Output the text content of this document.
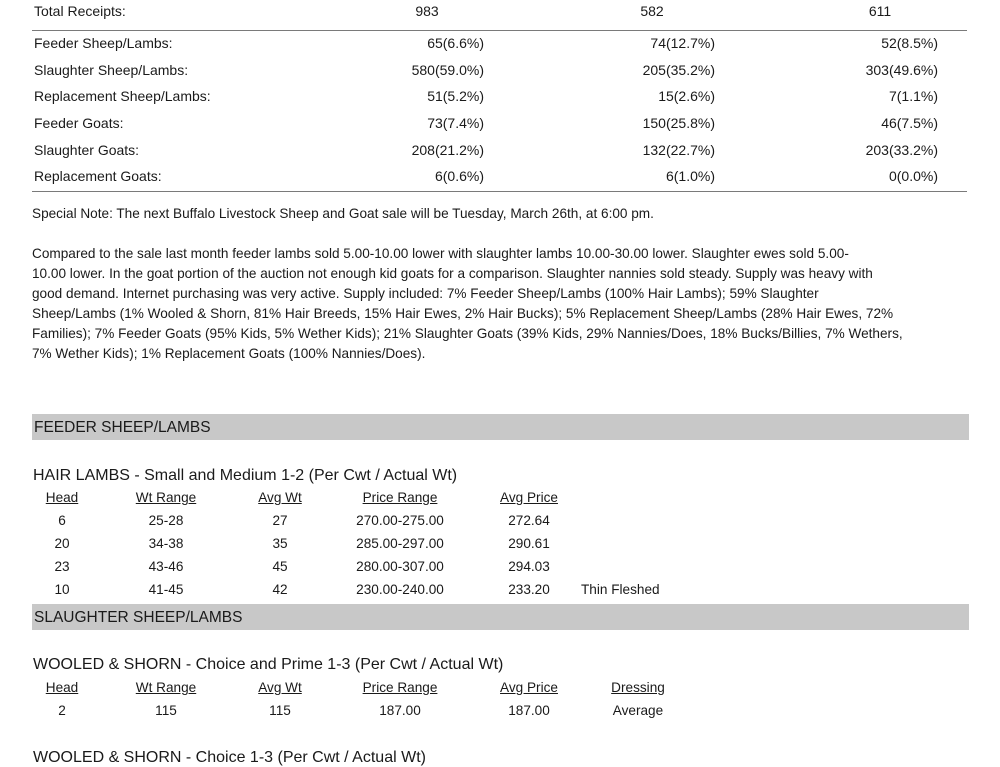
Total Receipts:	983	582	611
Feeder Sheep/Lambs:	65(6.6%)	74(12.7%)	52(8.5%)
Slaughter Sheep/Lambs:	580(59.0%)	205(35.2%)	303(49.6%)
Replacement Sheep/Lambs:	51(5.2%)	15(2.6%)	7(1.1%)
Feeder Goats:	73(7.4%)	150(25.8%)	46(7.5%)
Slaughter Goats:	208(21.2%)	132(22.7%)	203(33.2%)
Replacement Goats:	6(0.6%)	6(1.0%)	0(0.0%)
Special Note: The next Buffalo Livestock Sheep and Goat sale will be Tuesday, March 26th, at 6:00 pm.
Compared to the sale last month feeder lambs sold 5.00-10.00 lower with slaughter lambs 10.00-30.00 lower. Slaughter ewes sold 5.00-
10.00 lower. In the goat portion of the auction not enough kid goats for a comparison. Slaughter nannies sold steady. Supply was heavy with
good demand. Internet purchasing was very active. Supply included: 7% Feeder Sheep/Lambs (100% Hair Lambs); 59% Slaughter
Sheep/Lambs (1% Wooled & Shorn, 81% Hair Breeds, 15% Hair Ewes, 2% Hair Bucks); 5% Replacement Sheep/Lambs (28% Hair Ewes, 72%
Families); 7% Feeder Goats (95% Kids, 5% Wether Kids); 21% Slaughter Goats (39% Kids, 29% Nannies/Does, 18% Bucks/Billies, 7% Wethers,
7% Wether Kids); 1% Replacement Goats (100% Nannies/Does).
FEEDER SHEEP/LAMBS
HAIR LAMBS - Small and Medium 1-2 (Per Cwt / Actual Wt)
Head	Wt Range	Avg Wt	Price Range	Avg Price
6	25-28	27	270.00-275.00	272.64
20	34-38	35	285.00-297.00	290.61
23	43-46	45	280.00-307.00	294.03
10	41-45	42	230.00-240.00	233.20	Thin Fleshed
SLAUGHTER SHEEP/LAMBS
WOOLED & SHORN - Choice and Prime 1-3 (Per Cwt / Actual Wt)
Head	Wt Range	Avg Wt	Price Range	Avg Price	Dressing
2	115	115	187.00	187.00	Average
WOOLED & SHORN - Choice 1-3 (Per Cwt / Actual Wt)
